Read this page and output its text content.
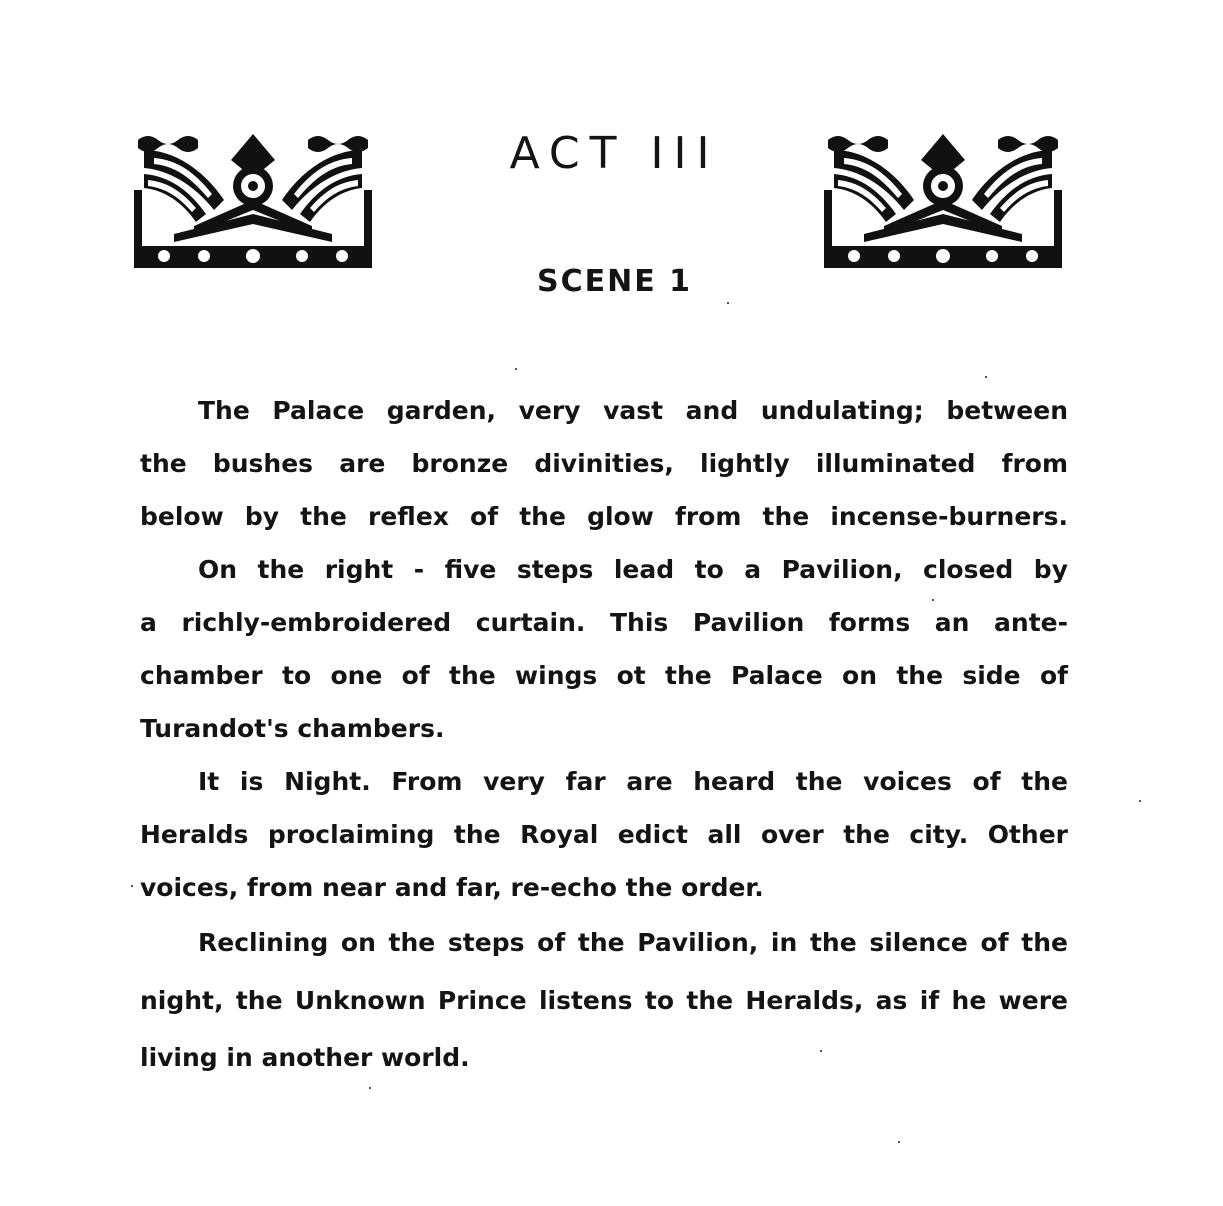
ACT III
SCENE 1
The Palace garden, very vast and undulating; between
the bushes are bronze divinities, lightly illuminated from
below by the reflex of the glow from the incense-burners.
On the right - five steps lead to a Pavilion, closed by
a richly-embroidered curtain. This Pavilion forms an ante-
chamber to one of the wings ot the Palace on the side of
Turandot's chambers.
It is Night. From very far are heard the voices of the
Heralds proclaiming the Royal edict all over the city. Other
voices, from near and far, re-echo the order.
Reclining on the steps of the Pavilion, in the silence of the
night, the Unknown Prince listens to the Heralds, as if he were
living in another world.
